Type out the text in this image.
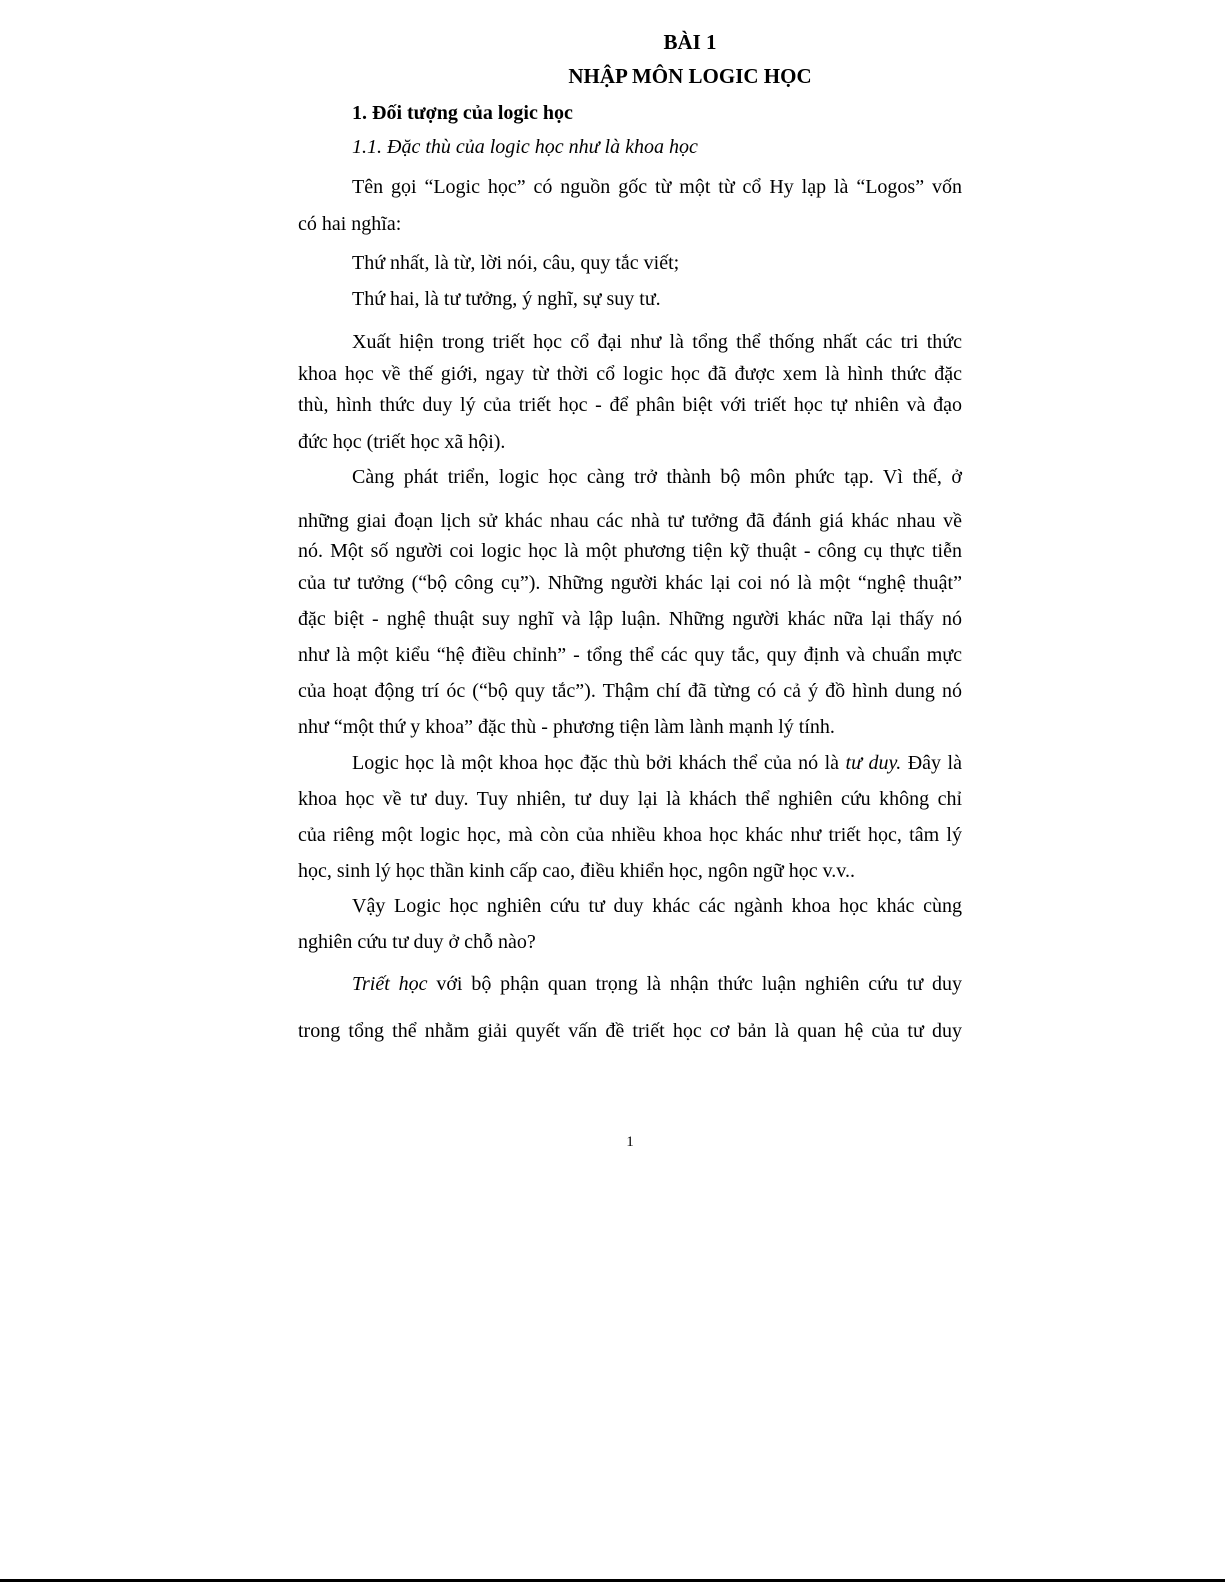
BÀI 1
NHẬP MÔN LOGIC HỌC
1. Đối tượng của logic học
1.1. Đặc thù của logic học như là khoa học
Tên gọi “Logic học” có nguồn gốc từ một từ cổ Hy lạp là “Logos” vốn
có hai nghĩa:
Thứ nhất, là từ, lời nói, câu, quy tắc viết;
Thứ hai, là tư tưởng, ý nghĩ, sự suy tư.
Xuất hiện trong triết học cổ đại như là tổng thể thống nhất các tri thức
khoa học về thế giới, ngay từ thời cổ logic học đã được xem là hình thức đặc
thù, hình thức duy lý của triết học - để phân biệt với triết học tự nhiên và đạo
đức học (triết học xã hội).
Càng phát triển, logic học càng trở thành bộ môn phức tạp. Vì thế, ở
những giai đoạn lịch sử khác nhau các nhà tư tưởng đã đánh giá khác nhau về
nó. Một số người coi logic học là một phương tiện kỹ thuật - công cụ thực tiễn
của tư tưởng (“bộ công cụ”). Những người khác lại coi nó là một “nghệ thuật”
đặc biệt - nghệ thuật suy nghĩ và lập luận. Những người khác nữa lại thấy nó
như là một kiểu “hệ điều chỉnh” - tổng thể các quy tắc, quy định và chuẩn mực
của hoạt động trí óc (“bộ quy tắc”). Thậm chí đã từng có cả ý đồ hình dung nó
như “một thứ y khoa” đặc thù - phương tiện làm lành mạnh lý tính.
Logic học là một khoa học đặc thù bởi khách thể của nó là tư duy. Đây là
khoa học về tư duy. Tuy nhiên, tư duy lại là khách thể nghiên cứu không chỉ
của riêng một logic học, mà còn của nhiều khoa học khác như triết học, tâm lý
học, sinh lý học thần kinh cấp cao, điều khiển học, ngôn ngữ học v.v..
Vậy Logic học nghiên cứu tư duy khác các ngành khoa học khác cùng
nghiên cứu tư duy ở chỗ nào?
Triết học với bộ phận quan trọng là nhận thức luận nghiên cứu tư duy
trong tổng thể nhằm giải quyết vấn đề triết học cơ bản là quan hệ của tư duy
1
